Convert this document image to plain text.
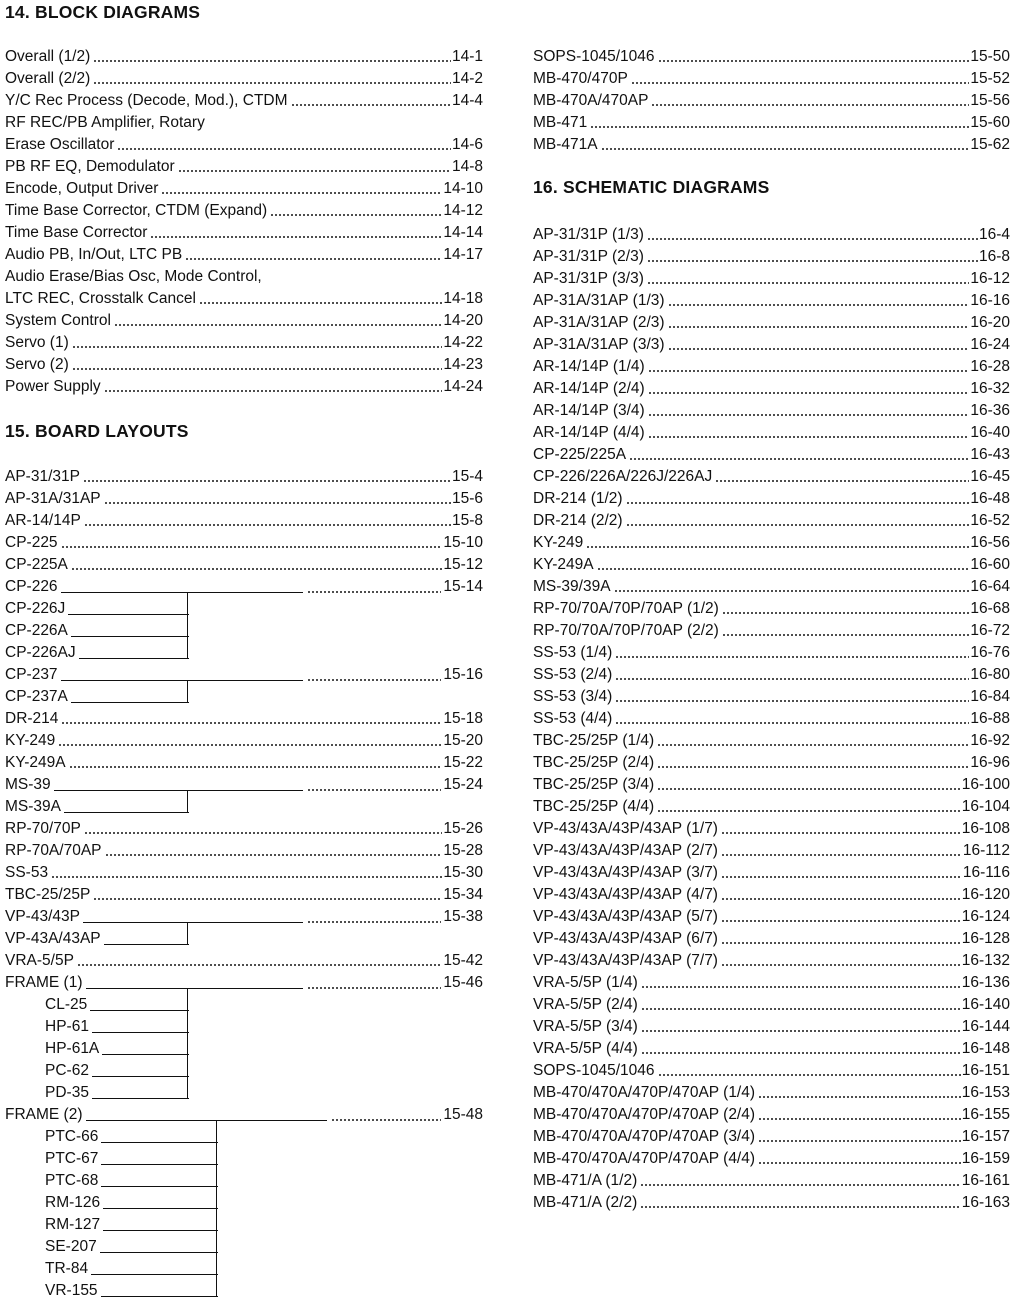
14. BLOCK DIAGRAMS
Overall (1/2)	14-1
Overall (2/2)	14-2
Y/C Rec Process (Decode, Mod.), CTDM	14-4
RF REC/PB Amplifier, Rotary
Erase Oscillator	14-6
PB RF EQ, Demodulator	14-8
Encode, Output Driver	14-10
Time Base Corrector, CTDM (Expand)	14-12
Time Base Corrector	14-14
Audio PB, In/Out, LTC PB	14-17
Audio Erase/Bias Osc, Mode Control,
LTC REC, Crosstalk Cancel	14-18
System Control	14-20
Servo (1)	14-22
Servo (2)	14-23
Power Supply	14-24
15. BOARD LAYOUTS
AP-31/31P	15-4
AP-31A/31AP	15-6
AR-14/14P	15-8
CP-225	15-10
CP-225A	15-12
CP-226	15-14
CP-226J
CP-226A
CP-226AJ
CP-237	15-16
CP-237A
DR-214	15-18
KY-249	15-20
KY-249A	15-22
MS-39	15-24
MS-39A
RP-70/70P	15-26
RP-70A/70AP	15-28
SS-53	15-30
TBC-25/25P	15-34
VP-43/43P	15-38
VP-43A/43AP
VRA-5/5P	15-42
FRAME (1)	15-46
CL-25
HP-61
HP-61A
PC-62
PD-35
FRAME (2)	15-48
PTC-66
PTC-67
PTC-68
RM-126
RM-127
SE-207
TR-84
VR-155
SOPS-1045/1046	15-50
MB-470/470P	15-52
MB-470A/470AP	15-56
MB-471	15-60
MB-471A	15-62
16. SCHEMATIC DIAGRAMS
AP-31/31P (1/3)	16-4
AP-31/31P (2/3)	16-8
AP-31/31P (3/3)	16-12
AP-31A/31AP (1/3)	16-16
AP-31A/31AP (2/3)	16-20
AP-31A/31AP (3/3)	16-24
AR-14/14P (1/4)	16-28
AR-14/14P (2/4)	16-32
AR-14/14P (3/4)	16-36
AR-14/14P (4/4)	16-40
CP-225/225A	16-43
CP-226/226A/226J/226AJ	16-45
DR-214 (1/2)	16-48
DR-214 (2/2)	16-52
KY-249	16-56
KY-249A	16-60
MS-39/39A	16-64
RP-70/70A/70P/70AP (1/2)	16-68
RP-70/70A/70P/70AP (2/2)	16-72
SS-53 (1/4)	16-76
SS-53 (2/4)	16-80
SS-53 (3/4)	16-84
SS-53 (4/4)	16-88
TBC-25/25P (1/4)	16-92
TBC-25/25P (2/4)	16-96
TBC-25/25P (3/4)	16-100
TBC-25/25P (4/4)	16-104
VP-43/43A/43P/43AP (1/7)	16-108
VP-43/43A/43P/43AP (2/7)	16-112
VP-43/43A/43P/43AP (3/7)	16-116
VP-43/43A/43P/43AP (4/7)	16-120
VP-43/43A/43P/43AP (5/7)	16-124
VP-43/43A/43P/43AP (6/7)	16-128
VP-43/43A/43P/43AP (7/7)	16-132
VRA-5/5P (1/4)	16-136
VRA-5/5P (2/4)	16-140
VRA-5/5P (3/4)	16-144
VRA-5/5P (4/4)	16-148
SOPS-1045/1046	16-151
MB-470/470A/470P/470AP (1/4)	16-153
MB-470/470A/470P/470AP (2/4)	16-155
MB-470/470A/470P/470AP (3/4)	16-157
MB-470/470A/470P/470AP (4/4)	16-159
MB-471/A (1/2)	16-161
MB-471/A (2/2)	16-163
